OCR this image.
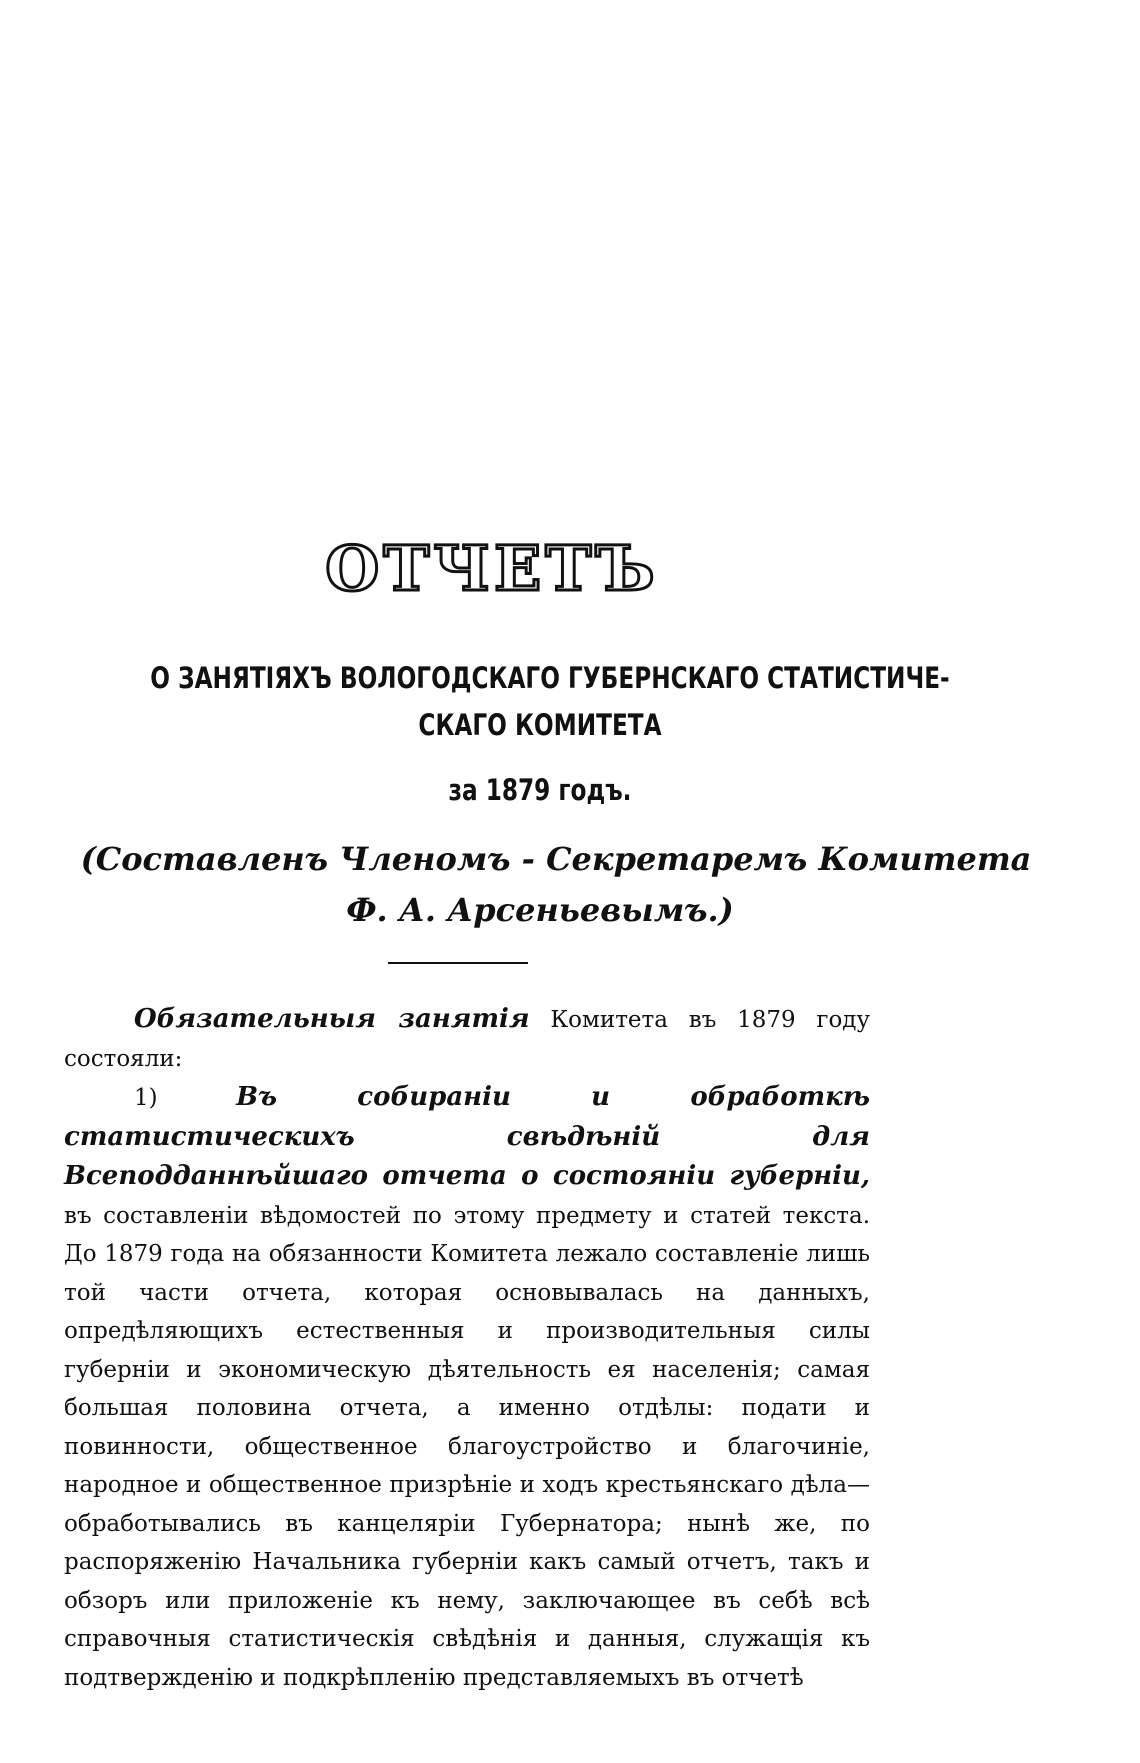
ОТЧЕТЪ
О ЗАНЯТІЯХЪ ВОЛОГОДСКАГО ГУБЕРНСКАГО СТАТИСТИЧЕ-
СКАГО КОМИТЕТА
за 1879 годъ.
(Составленъ Членомъ - Секретаремъ Комитета
Ф. А. Арсеньевымъ.)

Обязательныя занятія Комитета въ 1879 году состояли:

1) Въ собираніи и обработкѣ статистическихъ свѣдѣній для Всеподданнѣйшаго отчета о состояніи губерніи, въ составленіи вѣдомостей по этому предмету и статей текста. До 1879 года на обязанности Комитета лежало составленіе лишь той части отчета, которая основывалась на данныхъ, опредѣляющихъ естественныя и производительныя силы губерніи и экономическую дѣятельность ея населенія; самая большая половина отчета, а именно отдѣлы: подати и повинности, общественное благоустройство и благочиніе, народное и общественное призрѣніе и ходъ крестьянскаго дѣла—обработывались въ канцеляріи Губернатора; нынѣ же, по распоряженію Начальника губерніи какъ самый отчетъ, такъ и обзоръ или приложеніе къ нему, заключающее въ себѣ всѣ справочныя статистическія свѣдѣнія и данныя, служащія къ подтвержденію и подкрѣпленію представляемыхъ въ отчетѣ
